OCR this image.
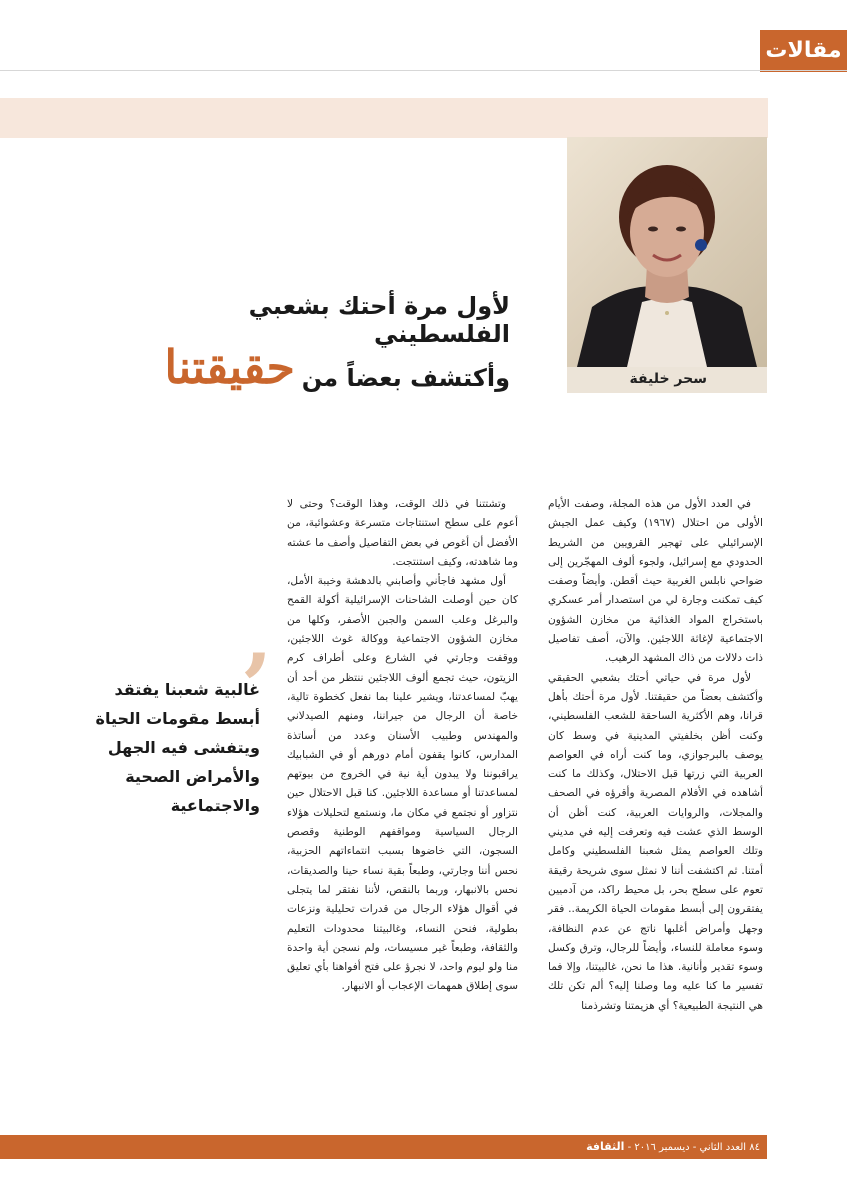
مقالات
سحر خليفة
لأول مرة أحتك بشعبي الفلسطيني
وأكتشف بعضاً من
حقيقتنا
’
غالبية شعبنا يفتقد أبسط مقومات الحياة ويتفشى فيه الجهل والأمراض الصحية والاجتماعية

في العدد الأول من هذه المجلة، وصفت الأيام الأولى من احتلال (١٩٦٧) وكيف عمل الجيش الإسرائيلي على تهجير القرويين من الشريط الحدودي مع إسرائيل، ولجوء ألوف المهجّرين إلى ضواحي نابلس الغربية حيث أقطن. وأيضاً وصفت كيف تمكنت وجارة لي من استصدار أمر عسكري باستخراج المواد الغذائية من مخازن الشؤون الاجتماعية لإغاثة اللاجئين. والآن، أصف تفاصيل ذات دلالات من ذاك المشهد الرهيب.

لأول مرة في حياتي أحتك بشعبي الحقيقي وأكتشف بعضاً من حقيقتنا. لأول مرة أحتك بأهل قرانا، وهم الأكثرية الساحقة للشعب الفلسطيني، وكنت أظن بخلفيتي المدينية في وسط كان يوصف بالبرجوازي، وما كنت أراه في العواصم العربية التي زرتها قبل الاحتلال، وكذلك ما كنت أشاهده في الأفلام المصرية وأقرؤه في الصحف والمجلات، والروايات العربية، كنت أظن أن الوسط الذي عشت فيه وتعرفت إليه في مديني وتلك العواصم يمثل شعبنا الفلسطيني وكامل أمتنا. ثم اكتشفت أننا لا نمثل سوى شريحة رقيقة تعوم على سطح بحر، بل محيط راكد، من آدميين يفتقرون إلى أبسط مقومات الحياة الكريمة.. فقر وجهل وأمراض أغلبها ناتج عن عدم النظافة، وسوء معاملة للنساء، وأيضاً للرجال، وترق وكسل وسوء تقدير وأنانية. هذا ما نحن، غالبيتنا، وإلا فما تفسير ما كنا عليه وما وصلنا إليه؟ ألم تكن تلك هي النتيجة الطبيعية؟ أي هزيمتنا وتشرذمنا

وتشتتنا في ذلك الوقت، وهذا الوقت؟ وحتى لا أعوم على سطح استنتاجات متسرعة وعشوائية، من الأفضل أن أغوص في بعض التفاصيل وأصف ما عشته وما شاهدته، وكيف استنتجت.

أول مشهد فاجأني وأصابني بالدهشة وخيبة الأمل، كان حين أوصلت الشاحنات الإسرائيلية أكولة القمح والبرغل وعلب السمن والجبن الأصفر، وكلها من مخازن الشؤون الاجتماعية ووكالة غوث اللاجئين، ووقفت وجارتي في الشارع وعلى أطراف كرم الزيتون، حيث تجمع ألوف اللاجئين ننتظر من أحد أن يهبّ لمساعدتنا، ويشير علينا بما نفعل كخطوة تالية، خاصة أن الرجال من جيراننا، ومنهم الصيدلاني والمهندس وطبيب الأسنان وعدد من أساتذة المدارس، كانوا يقفون أمام دورهم أو في الشبابيك يراقبوننا ولا يبدون أية نية في الخروج من بيوتهم لمساعدتنا أو مساعدة اللاجئين. كنا قبل الاحتلال حين نتزاور أو نجتمع في مكان ما، ونستمع لتحليلات هؤلاء الرجال السياسية ومواقفهم الوطنية وقصص السجون، التي خاضوها بسبب انتماءاتهم الحزبية، نحس أننا وجارتي، وطبعاً بقية نساء حينا والصديقات، نحس بالانبهار، وربما بالنقص، لأننا نفتقر لما يتجلى في أقوال هؤلاء الرجال من قدرات تحليلية ونزعات بطولية، فنحن النساء، وغالبيتنا محدودات التعليم والثقافة، وطبعاً غير مسيسات، ولم نسجن أية واحدة منا ولو ليوم واحد، لا نجرؤ على فتح أفواهنا بأي تعليق سوى إطلاق همهمات الإعجاب أو الانبهار.

٨٤ العدد الثاني - ديسمبر ٢٠١٦ - الثقافة
